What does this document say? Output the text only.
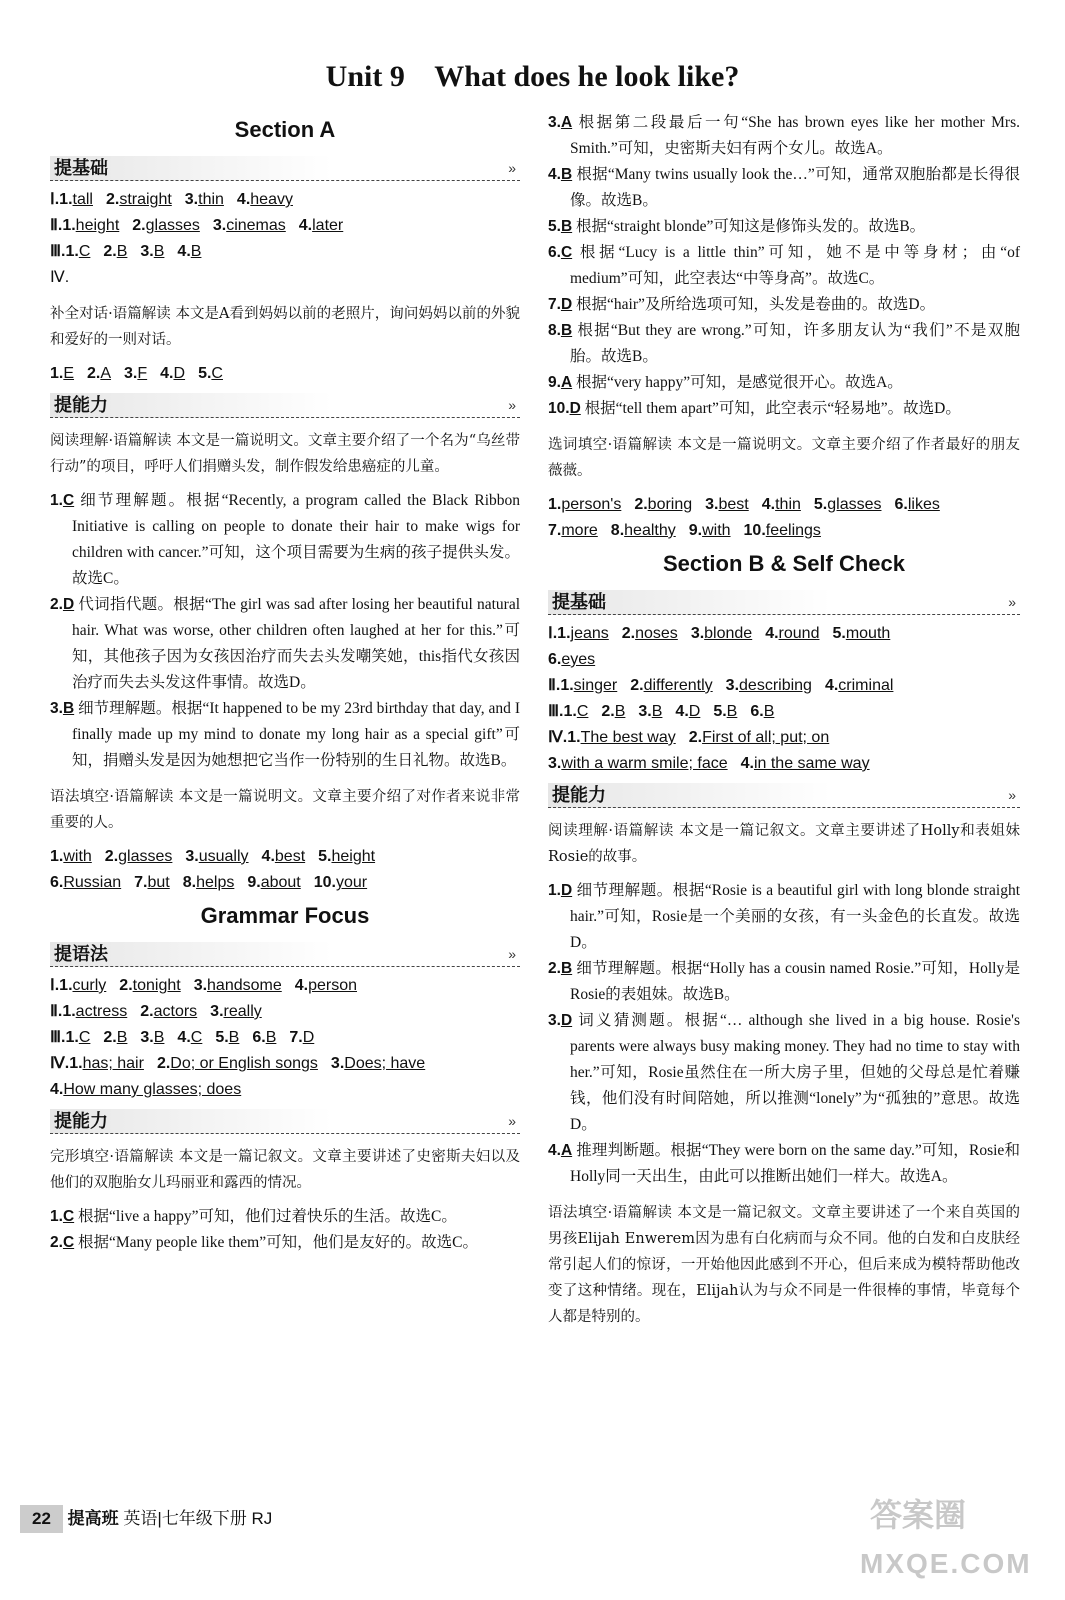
Unit 9    What does he look like?
Section A
提基础	»
Ⅰ.1.tall 2.straight 3.thin 4.heavy
Ⅱ.1.height 2.glasses 3.cinemas 4.later
Ⅲ.1.C 2.B 3.B 4.B
Ⅳ.
补全对话·语篇解读 本文是A看到妈妈以前的老照片，询问妈妈以前的外貌和爱好的一则对话。
1.E 2.A 3.F 4.D 5.C
提能力	»
阅读理解·语篇解读 本文是一篇说明文。文章主要介绍了一个名为“乌丝带行动”的项目，呼吁人们捐赠头发，制作假发给患癌症的儿童。
1.C 细节理解题。根据“Recently, a program called the Black Ribbon Initiative is calling on people to donate their hair to make wigs for children with cancer.”可知，这个项目需要为生病的孩子提供头发。故选C。
2.D 代词指代题。根据“The girl was sad after losing her beautiful natural hair. What was worse, other children often laughed at her for this.”可知，其他孩子因为女孩因治疗而失去头发嘲笑她，this指代女孩因治疗而失去头发这件事情。故选D。
3.B 细节理解题。根据“It happened to be my 23rd birthday that day, and I finally made up my mind to donate my long hair as a special gift”可知，捐赠头发是因为她想把它当作一份特别的生日礼物。故选B。
语法填空·语篇解读 本文是一篇说明文。文章主要介绍了对作者来说非常重要的人。
1.with 2.glasses 3.usually 4.best 5.height
6.Russian 7.but 8.helps 9.about 10.your
Grammar Focus
提语法	»
Ⅰ.1.curly 2.tonight 3.handsome 4.person
Ⅱ.1.actress 2.actors 3.really
Ⅲ.1.C 2.B 3.B 4.C 5.B 6.B 7.D
Ⅳ.1.has; hair 2.Do; or English songs 3.Does; have
4.How many glasses; does
提能力	»
完形填空·语篇解读 本文是一篇记叙文。文章主要讲述了史密斯夫妇以及他们的双胞胎女儿玛丽亚和露西的情况。
1.C 根据“live a happy”可知，他们过着快乐的生活。故选C。
2.C 根据“Many people like them”可知，他们是友好的。故选C。
3.A 根据第二段最后一句“She has brown eyes like her mother Mrs. Smith.”可知，史密斯夫妇有两个女儿。故选A。
4.B 根据“Many twins usually look the…”可知，通常双胞胎都是长得很像。故选B。
5.B 根据“straight blonde”可知这是修饰头发的。故选B。
6.C 根据“Lucy is a little thin”可知，她不是中等身材；由“of medium”可知，此空表达“中等身高”。故选C。
7.D 根据“hair”及所给选项可知，头发是卷曲的。故选D。
8.B 根据“But they are wrong.”可知，许多朋友认为“我们”不是双胞胎。故选B。
9.A 根据“very happy”可知，是感觉很开心。故选A。
10.D 根据“tell them apart”可知，此空表示“轻易地”。故选D。
选词填空·语篇解读 本文是一篇说明文。文章主要介绍了作者最好的朋友薇薇。
1.person's 2.boring 3.best 4.thin 5.glasses 6.likes
7.more 8.healthy 9.with 10.feelings
Section B & Self Check
提基础	»
Ⅰ.1.jeans 2.noses 3.blonde 4.round 5.mouth
6.eyes
Ⅱ.1.singer 2.differently 3.describing 4.criminal
Ⅲ.1.C 2.B 3.B 4.D 5.B 6.B
Ⅳ.1.The best way 2.First of all; put; on
3.with a warm smile; face 4.in the same way
提能力	»
阅读理解·语篇解读 本文是一篇记叙文。文章主要讲述了Holly和表姐妹Rosie的故事。
1.D 细节理解题。根据“Rosie is a beautiful girl with long blonde straight hair.”可知，Rosie是一个美丽的女孩，有一头金色的长直发。故选D。
2.B 细节理解题。根据“Holly has a cousin named Rosie.”可知，Holly是Rosie的表姐妹。故选B。
3.D 词义猜测题。根据“… although she lived in a big house. Rosie's parents were always busy making money. They had no time to stay with her.”可知，Rosie虽然住在一所大房子里，但她的父母总是忙着赚钱，他们没有时间陪她，所以推测“lonely”为“孤独的”意思。故选D。
4.A 推理判断题。根据“They were born on the same day.”可知，Rosie和Holly同一天出生，由此可以推断出她们一样大。故选A。
语法填空·语篇解读 本文是一篇记叙文。文章主要讲述了一个来自英国的男孩Elijah Enwerem因为患有白化病而与众不同。他的白发和白皮肤经常引起人们的惊讶，一开始他因此感到不开心，但后来成为模特帮助他改变了这种情绪。现在，Elijah认为与众不同是一件很棒的事情，毕竟每个人都是特别的。
22 提高班 英语|七年级下册 RJ	答案圈
MXQE.COM
